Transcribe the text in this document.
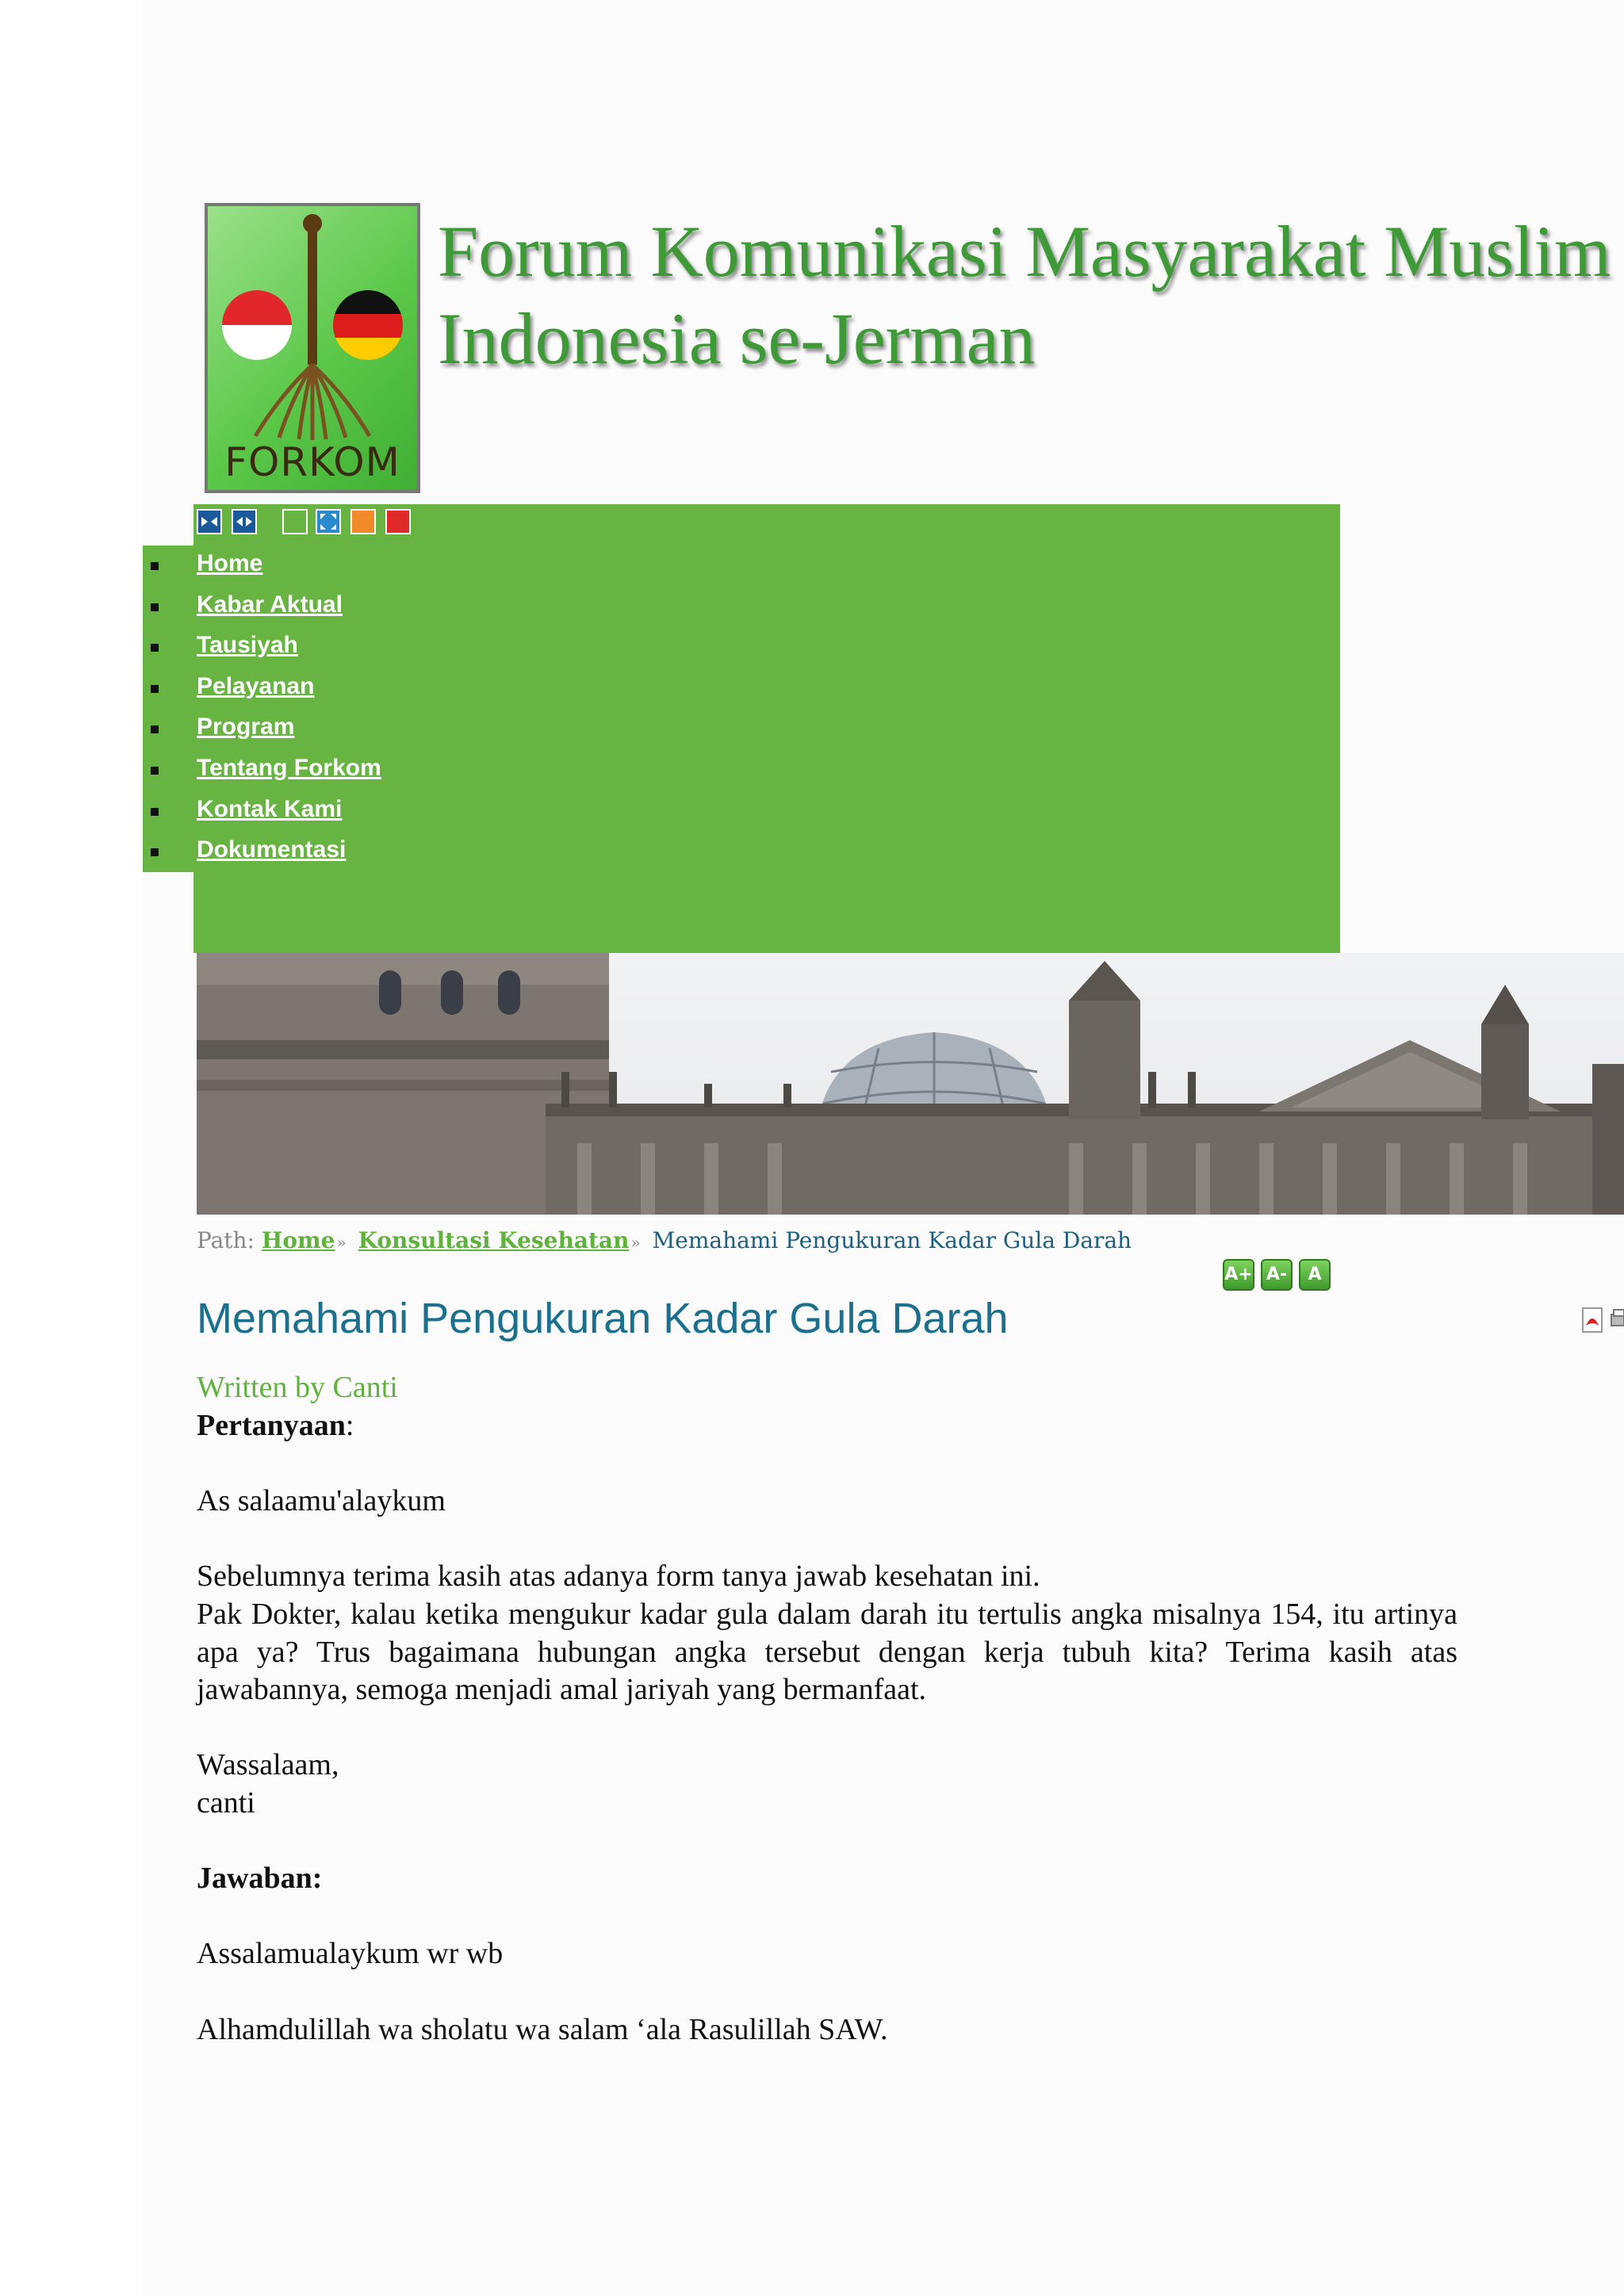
FORKOM
Forum Komunikasi Masyarakat Muslim
Indonesia se-Jerman
Home
Kabar Aktual
Tausiyah
Pelayanan
Program
Tentang Forkom
Kontak Kami
Dokumentasi
Path: Home » Konsultasi Kesehatan » Memahami Pengukuran Kadar Gula Darah
A+ A- A
Memahami Pengukuran Kadar Gula Darah
Written by Canti

Pertanyaan:

As salaamu'alaykum

Sebelumnya terima kasih atas adanya form tanya jawab kesehatan ini.

Pak Dokter, kalau ketika mengukur kadar gula dalam darah itu tertulis angka misalnya 154, itu artinya apa ya? Trus bagaimana hubungan angka tersebut dengan kerja tubuh kita? Terima kasih atas jawabannya, semoga menjadi amal jariyah yang bermanfaat.

Wassalaam,

canti

Jawaban:

Assalamualaykum wr wb

Alhamdulillah wa sholatu wa salam ‘ala Rasulillah SAW.
